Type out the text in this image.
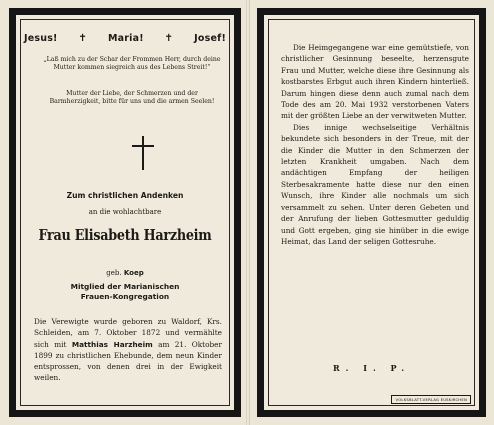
Jesus! ✝ Maria! ✝ Josef!
„Laß mich zu der Schar der Frommen Herr, durch deine Mutter kommen siegreich aus des Lebens Streit!“
Mutter der Liebe, der Schmerzen und der Barmherzigkeit, bitte für uns und die armen Seelen!
Zum christlichen Andenken
an die wohlachtbare
Frau Elisabeth Harzheim
geb. Koep
Mitglied der Marianischen
Frauen-Kongregation
Die Verewigte wurde geboren zu Waldorf, Krs. Schleiden, am 7. Oktober 1872 und vermählte sich mit Matthias Harzheim am 21. Oktober 1899 zu christlichen Ehebunde, dem neun Kinder entsprossen, von denen drei in der Ewigkeit weilen.

Die Heimgegangene war eine gemütstiefe, von christlicher Gesinnung beseelte, herzensgute Frau und Mutter, welche diese ihre Gesinnung als kostbarstes Erbgut auch ihren Kindern hinterließ. Darum hingen diese denn auch zumal nach dem Tode des am 20. Mai 1932 verstorbenen Vaters mit der größten Liebe an der verwitweten Mutter.

Dies innige wechselseitige Verhältnis bekundete sich besonders in der Treue, mit der die Kinder die Mutter in den Schmerzen der letzten Krankheit umgaben. Nach dem andächtigen Empfang der heiligen Sterbesakramente hatte diese nur den einen Wunsch, ihre Kinder alle nochmals um sich versammelt zu sehen. Unter deren Gebeten und der Anrufung der lieben Gottesmutter geduldig und Gott ergeben, ging sie hinüber in die ewige Heimat, das Land der seligen Gottesruhe.

R. I. P.
VOLKSBLATT-VERLAG EUSKIRCHEN
